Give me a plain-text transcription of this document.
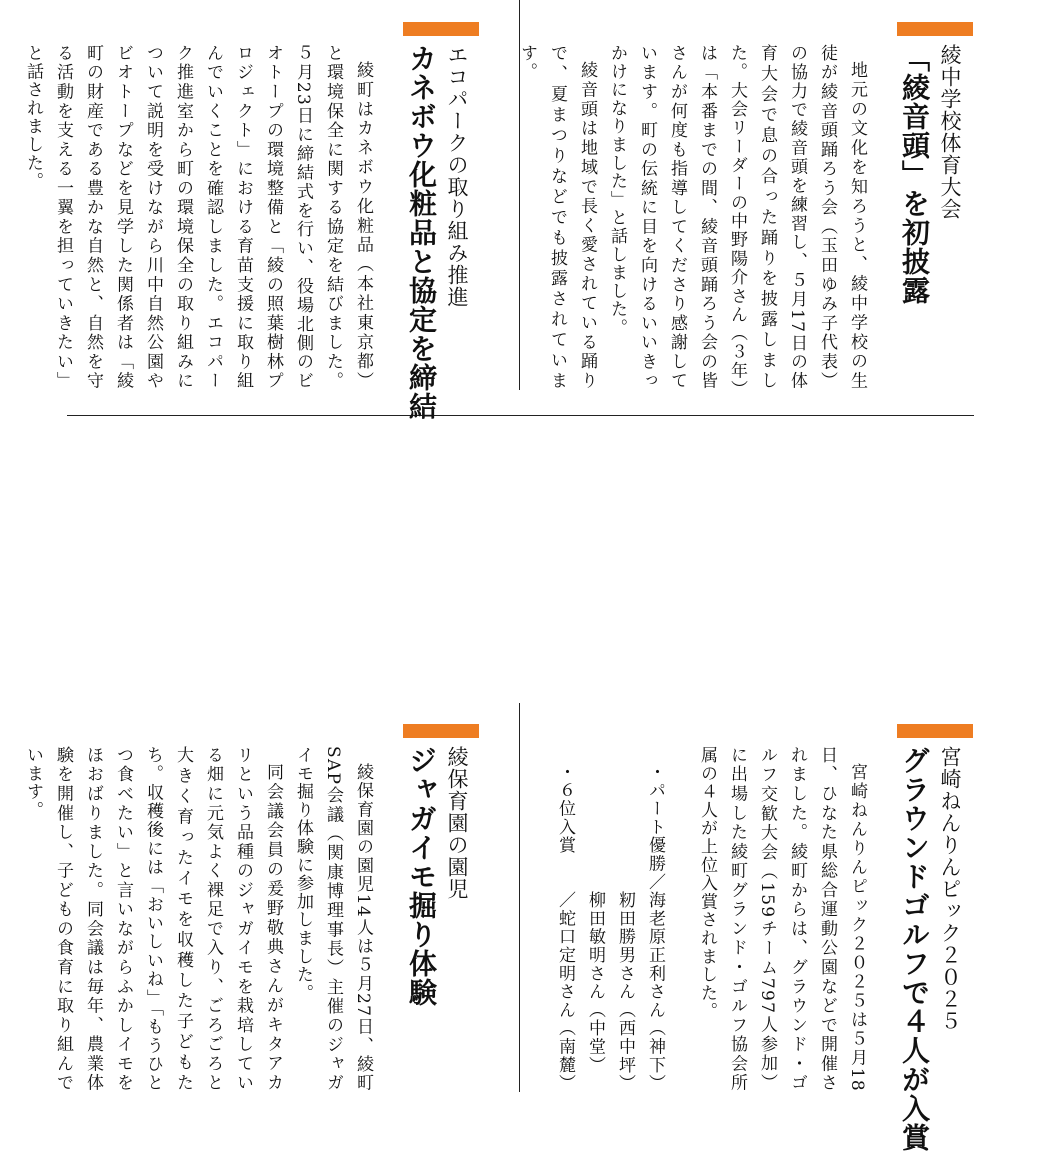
綾中学校体育大会
「綾音頭」を初披露

地元の文化を知ろうと、綾中学校の生徒が綾音頭踊ろう会（玉田ゆみ子代表）の協力で綾音頭を練習し、５月17日の体育大会で息の合った踊りを披露しました。大会リーダーの中野陽介さん（３年）は「本番までの間、綾音頭踊ろう会の皆さんが何度も指導してくださり感謝しています。町の伝統に目を向けるいいきっかけになりました」と話しました。

綾音頭は地域で長く愛されている踊りで、夏まつりなどでも披露されています。

エコパークの取り組み推進
カネボウ化粧品と協定を締結
宮崎ねんりんピック２０２５
グラウンドゴルフで４人が入賞

宮崎ねんりんピック２０２５は５月18日、ひなた県総合運動公園などで開催されました。綾町からは、グラウンド・ゴルフ交歓大会（159チーム797人参加）に出場した綾町グランド・ゴルフ協会所属の４人が上位入賞されました。

・パート優勝／海老原正利さん（神下）

　　　　　　　籾田勝男さん（西中坪）

　　　　　　　柳田敏明さん（中堂）

・６位入賞　　／蛇口定明さん（南麓）

綾保育園の園児
ジャガイモ掘り体験

綾保育園の園児14人は５月27日、綾町SAP会議（関康博理事長）主催のジャガイモ掘り体験に参加しました。

同会議会員の爰野敬典さんがキタアカリという品種のジャガイモを栽培している畑に元気よく裸足で入り、ごろごろと大きく育ったイモを収穫した子どもたち。収穫後には「おいしいね」「もうひとつ食べたい」と言いながらふかしイモをほおばりました。同会議は毎年、農業体験を開催し、子どもの食育に取り組んでいます。

綾町はカネボウ化粧品（本社東京都）と環境保全に関する協定を結びました。５月23日に締結式を行い、役場北側のビオトープの環境整備と「綾の照葉樹林プロジェクト」における育苗支援に取り組んでいくことを確認しました。エコパーク推進室から町の環境保全の取り組みについて説明を受けながら川中自然公園やビオトープなどを見学した関係者は「綾町の財産である豊かな自然と、自然を守る活動を支える一翼を担っていきたい」と話されました。
